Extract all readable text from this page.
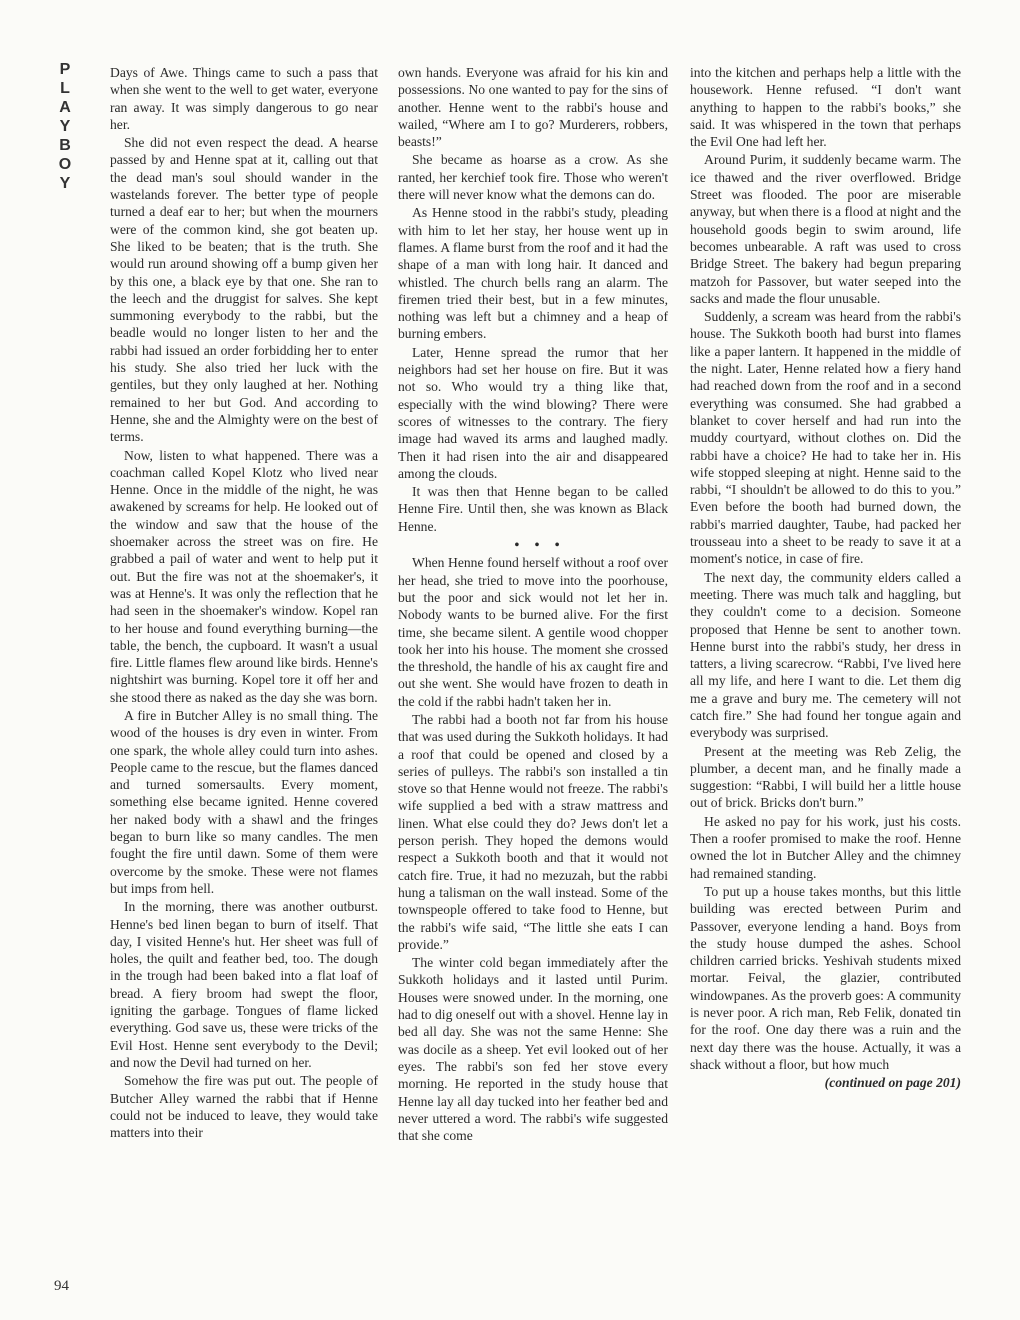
P
L
A
Y
B
O
Y

Days of Awe. Things came to such a pass that when she went to the well to get water, everyone ran away. It was simply dangerous to go near her.

She did not even respect the dead. A hearse passed by and Henne spat at it, calling out that the dead man's soul should wander in the wastelands forever. The better type of people turned a deaf ear to her; but when the mourners were of the common kind, she got beaten up. She liked to be beaten; that is the truth. She would run around showing off a bump given her by this one, a black eye by that one. She ran to the leech and the druggist for salves. She kept summoning everybody to the rabbi, but the beadle would no longer listen to her and the rabbi had issued an order forbidding her to enter his study. She also tried her luck with the gentiles, but they only laughed at her. Nothing remained to her but God. And according to Henne, she and the Almighty were on the best of terms.

Now, listen to what happened. There was a coachman called Kopel Klotz who lived near Henne. Once in the middle of the night, he was awakened by screams for help. He looked out of the window and saw that the house of the shoemaker across the street was on fire. He grabbed a pail of water and went to help put it out. But the fire was not at the shoemaker's, it was at Henne's. It was only the reflection that he had seen in the shoemaker's window. Kopel ran to her house and found everything burning—the table, the bench, the cupboard. It wasn't a usual fire. Little flames flew around like birds. Henne's nightshirt was burning. Kopel tore it off her and she stood there as naked as the day she was born.

A fire in Butcher Alley is no small thing. The wood of the houses is dry even in winter. From one spark, the whole alley could turn into ashes. People came to the rescue, but the flames danced and turned somersaults. Every moment, something else became ignited. Henne covered her naked body with a shawl and the fringes began to burn like so many candles. The men fought the fire until dawn. Some of them were overcome by the smoke. These were not flames but imps from hell.

In the morning, there was another outburst. Henne's bed linen began to burn of itself. That day, I visited Henne's hut. Her sheet was full of holes, the quilt and feather bed, too. The dough in the trough had been baked into a flat loaf of bread. A fiery broom had swept the floor, igniting the garbage. Tongues of flame licked everything. God save us, these were tricks of the Evil Host. Henne sent everybody to the Devil; and now the Devil had turned on her.

Somehow the fire was put out. The people of Butcher Alley warned the rabbi that if Henne could not be induced to leave, they would take matters into their

own hands. Everyone was afraid for his kin and possessions. No one wanted to pay for the sins of another. Henne went to the rabbi's house and wailed, “Where am I to go? Murderers, robbers, beasts!”

She became as hoarse as a crow. As she ranted, her kerchief took fire. Those who weren't there will never know what the demons can do.

As Henne stood in the rabbi's study, pleading with him to let her stay, her house went up in flames. A flame burst from the roof and it had the shape of a man with long hair. It danced and whistled. The church bells rang an alarm. The firemen tried their best, but in a few minutes, nothing was left but a chimney and a heap of burning embers.

Later, Henne spread the rumor that her neighbors had set her house on fire. But it was not so. Who would try a thing like that, especially with the wind blowing? There were scores of witnesses to the contrary. The fiery image had waved its arms and laughed madly. Then it had risen into the air and disappeared among the clouds.

It was then that Henne began to be called Henne Fire. Until then, she was known as Black Henne.

• • •

When Henne found herself without a roof over her head, she tried to move into the poorhouse, but the poor and sick would not let her in. Nobody wants to be burned alive. For the first time, she became silent. A gentile wood chopper took her into his house. The moment she crossed the threshold, the handle of his ax caught fire and out she went. She would have frozen to death in the cold if the rabbi hadn't taken her in.

The rabbi had a booth not far from his house that was used during the Sukkoth holidays. It had a roof that could be opened and closed by a series of pulleys. The rabbi's son installed a tin stove so that Henne would not freeze. The rabbi's wife supplied a bed with a straw mattress and linen. What else could they do? Jews don't let a person perish. They hoped the demons would respect a Sukkoth booth and that it would not catch fire. True, it had no mezuzah, but the rabbi hung a talisman on the wall instead. Some of the townspeople offered to take food to Henne, but the rabbi's wife said, “The little she eats I can provide.”

The winter cold began immediately after the Sukkoth holidays and it lasted until Purim. Houses were snowed under. In the morning, one had to dig oneself out with a shovel. Henne lay in bed all day. She was not the same Henne: She was docile as a sheep. Yet evil looked out of her eyes. The rabbi's son fed her stove every morning. He reported in the study house that Henne lay all day tucked into her feather bed and never uttered a word. The rabbi's wife suggested that she come

into the kitchen and perhaps help a little with the housework. Henne refused. “I don't want anything to happen to the rabbi's books,” she said. It was whispered in the town that perhaps the Evil One had left her.

Around Purim, it suddenly became warm. The ice thawed and the river overflowed. Bridge Street was flooded. The poor are miserable anyway, but when there is a flood at night and the household goods begin to swim around, life becomes unbearable. A raft was used to cross Bridge Street. The bakery had begun preparing matzoh for Passover, but water seeped into the sacks and made the flour unusable.

Suddenly, a scream was heard from the rabbi's house. The Sukkoth booth had burst into flames like a paper lantern. It happened in the middle of the night. Later, Henne related how a fiery hand had reached down from the roof and in a second everything was consumed. She had grabbed a blanket to cover herself and had run into the muddy courtyard, without clothes on. Did the rabbi have a choice? He had to take her in. His wife stopped sleeping at night. Henne said to the rabbi, “I shouldn't be allowed to do this to you.” Even before the booth had burned down, the rabbi's married daughter, Taube, had packed her trousseau into a sheet to be ready to save it at a moment's notice, in case of fire.

The next day, the community elders called a meeting. There was much talk and haggling, but they couldn't come to a decision. Someone proposed that Henne be sent to another town. Henne burst into the rabbi's study, her dress in tatters, a living scarecrow. “Rabbi, I've lived here all my life, and here I want to die. Let them dig me a grave and bury me. The cemetery will not catch fire.” She had found her tongue again and everybody was surprised.

Present at the meeting was Reb Zelig, the plumber, a decent man, and he finally made a suggestion: “Rabbi, I will build her a little house out of brick. Bricks don't burn.”

He asked no pay for his work, just his costs. Then a roofer promised to make the roof. Henne owned the lot in Butcher Alley and the chimney had remained standing.

To put up a house takes months, but this little building was erected between Purim and Passover, everyone lending a hand. Boys from the study house dumped the ashes. School children carried bricks. Yeshivah students mixed mortar. Feival, the glazier, contributed windowpanes. As the proverb goes: A community is never poor. A rich man, Reb Felik, donated tin for the roof. One day there was a ruin and the next day there was the house. Actually, it was a shack without a floor, but how much

(continued on page 201)

94
